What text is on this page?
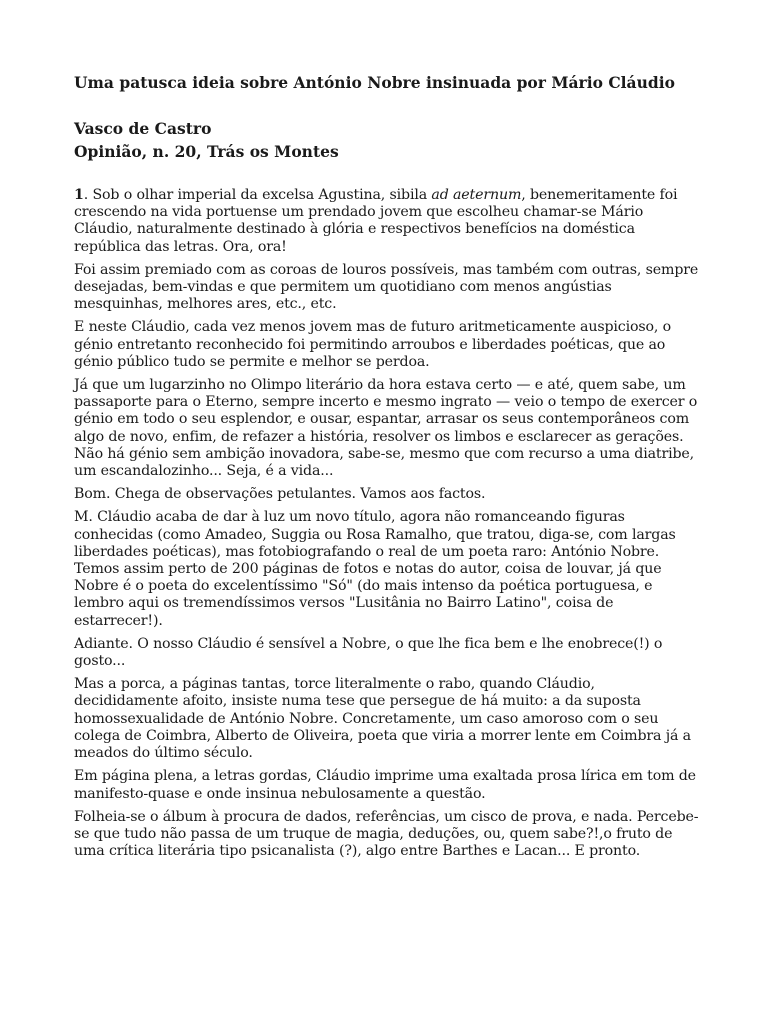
Uma patusca ideia sobre António Nobre insinuada por Mário Cláudio
Vasco de Castro
Opinião, n. 20, Trás os Montes

1. Sob o olhar imperial da excelsa Agustina, sibila ad aeternum, benemeritamente foi crescendo na vida portuense um prendado jovem que escolheu chamar-se Mário Cláudio, naturalmente destinado à glória e respectivos benefícios na doméstica república das letras. Ora, ora!

Foi assim premiado com as coroas de louros possíveis, mas também com outras, sempre desejadas, bem-vindas e que permitem um quotidiano com menos angústias mesquinhas, melhores ares, etc., etc.

E neste Cláudio, cada vez menos jovem mas de futuro aritmeticamente auspicioso, o génio entretanto reconhecido foi permitindo arroubos e liberdades poéticas, que ao génio público tudo se permite e melhor se perdoa.

Já que um lugarzinho no Olimpo literário da hora estava certo — e até, quem sabe, um passaporte para o Eterno, sempre incerto e mesmo ingrato — veio o tempo de exercer o génio em todo o seu esplendor, e ousar, espantar, arrasar os seus contemporâneos com algo de novo, enfim, de refazer a história, resolver os limbos e esclarecer as gerações. Não há génio sem ambição inovadora, sabe-se, mesmo que com recurso a uma diatribe, um escandalozinho... Seja, é a vida...

Bom. Chega de observações petulantes. Vamos aos factos.

M. Cláudio acaba de dar à luz um novo título, agora não romanceando figuras conhecidas (como Amadeo, Suggia ou Rosa Ramalho, que tratou, diga-se, com largas liberdades poéticas), mas fotobiografando o real de um poeta raro: António Nobre. Temos assim perto de 200 páginas de fotos e notas do autor, coisa de louvar, já que Nobre é o poeta do excelentíssimo "Só" (do mais intenso da poética portuguesa, e lembro aqui os tremendíssimos versos "Lusitânia no Bairro Latino", coisa de estarrecer!).

Adiante. O nosso Cláudio é sensível a Nobre, o que lhe fica bem e lhe enobrece(!) o gosto...

Mas a porca, a páginas tantas, torce literalmente o rabo, quando Cláudio, decididamente afoito, insiste numa tese que persegue de há muito: a da suposta homossexualidade de António Nobre. Concretamente, um caso amoroso com o seu colega de Coimbra, Alberto de Oliveira, poeta que viria a morrer lente em Coimbra já a meados do último século.

Em página plena, a letras gordas, Cláudio imprime uma exaltada prosa lírica em tom de manifesto-quase e onde insinua nebulosamente a questão.

Folheia-se o álbum à procura de dados, referências, um cisco de prova, e nada. Percebe-se que tudo não passa de um truque de magia, deduções, ou, quem sabe?!,o fruto de uma crítica literária tipo psicanalista (?), algo entre Barthes e Lacan... E pronto.
